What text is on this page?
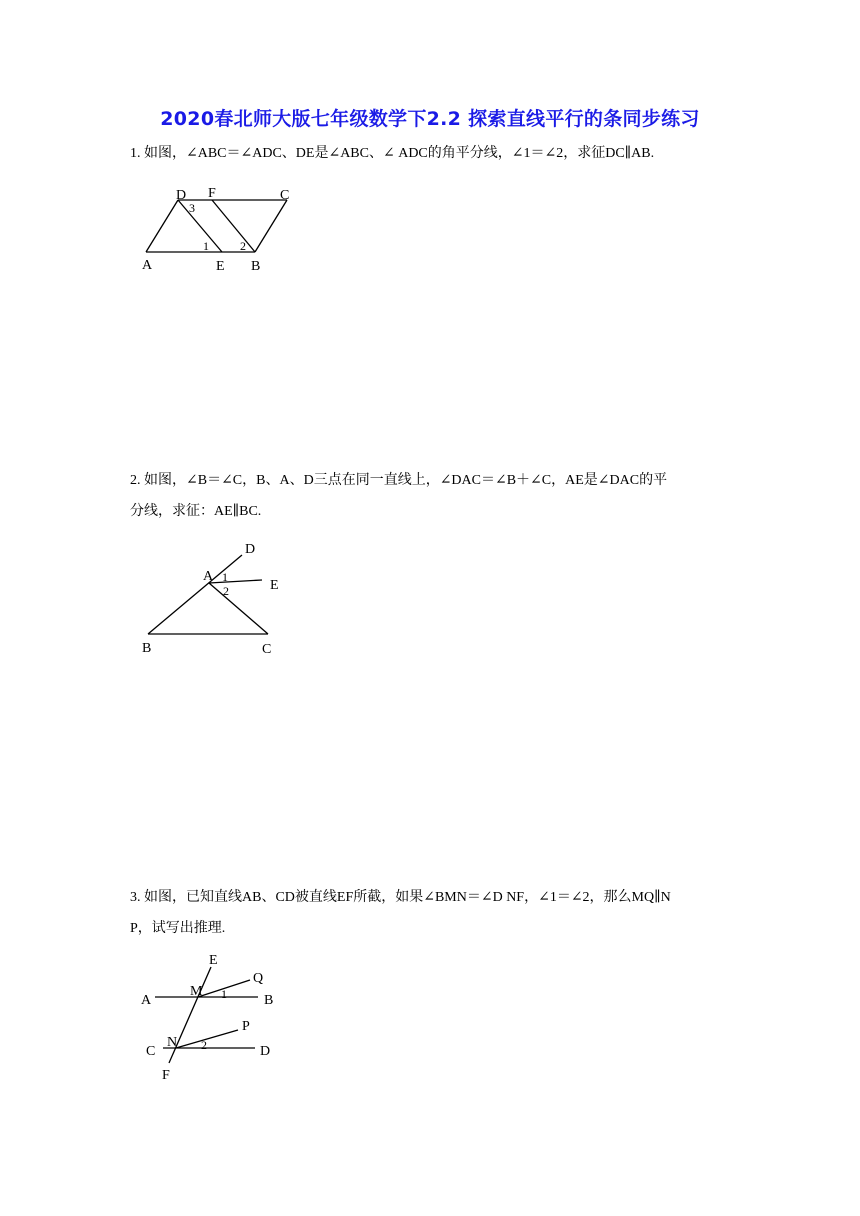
2020春北师大版七年级数学下2.2 探索直线平行的条同步练习
1. 如图，∠ABC＝∠ADC、DE是∠ABC、∠ ADC的角平分线，∠1＝∠2，求征DC∥AB.
D F	C
3
1	2
A	E B
2. 如图，∠B＝∠C，B、A、D三点在同一直线上，∠DAC＝∠B＋∠C，AE是∠DAC的平
分线，求征：AE∥BC.
D
A 1
E
2
B	C
3. 如图，已知直线AB、CD被直线EF所截，如果∠BMN＝∠D NF，∠1＝∠2，那么MQ∥N
P，试写出推理.
E
Q
A
M 1	B
P
C
N 2	D
F
